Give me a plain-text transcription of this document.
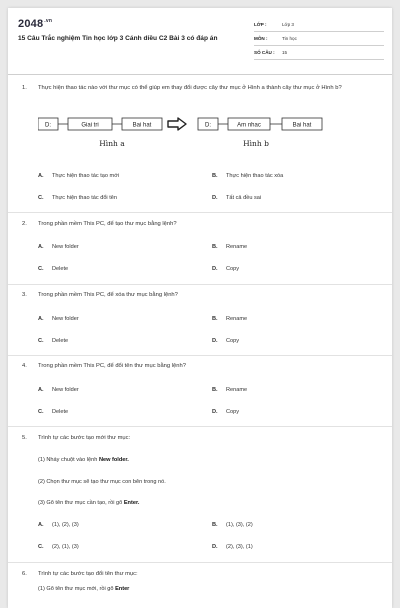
$2048^{.vn}$
15 Câu Trắc nghiệm Tin học lớp 3 Cánh diều C2 Bài 3 có đáp án
LỚP :	Lớp 3
MÔN :	Tin học
SỐ CÂU :	15
1. Thực hiện thao tác nào với thư mục có thể giúp em thay đổi được cây thư mục ở Hình a thành cây thư mục ở Hình b?
D:	Giai tri	Bai hat	D:	Am nhac	Bai hat
Hình a	Hình b
A. Thực hiện thao tác tạo mới	B. Thực hiện thao tác xóa
C. Thực hiện thao tác đổi tên	D. Tất cả đều sai
2. Trong phần mềm This PC, để tạo thư mục bằng lệnh?
A. New folder	B. Rename
C. Delete	D. Copy
3. Trong phần mềm This PC, để xóa thư mục bằng lệnh?
A. New folder	B. Rename
C. Delete	D. Copy
4. Trong phần mềm This PC, để đổi tên thư mục bằng lệnh?
A. New folder	B. Rename
C. Delete	D. Copy
5. Trình tự các bước tạo mới thư mục:
(1) Nháy chuột vào lệnh New folder.
(2) Chọn thư mục sẽ tạo thư mục con bên trong nó.
(3) Gõ tên thư mục cần tạo, rồi gõ Enter.
A. (1), (2), (3)	B. (1), (3), (2)
C. (2), (1), (3)	D. (2), (3), (1)
6. Trình tự các bước tạo đổi tên thư mục:
(1) Gõ tên thư mục mới, rồi gõ Enter
